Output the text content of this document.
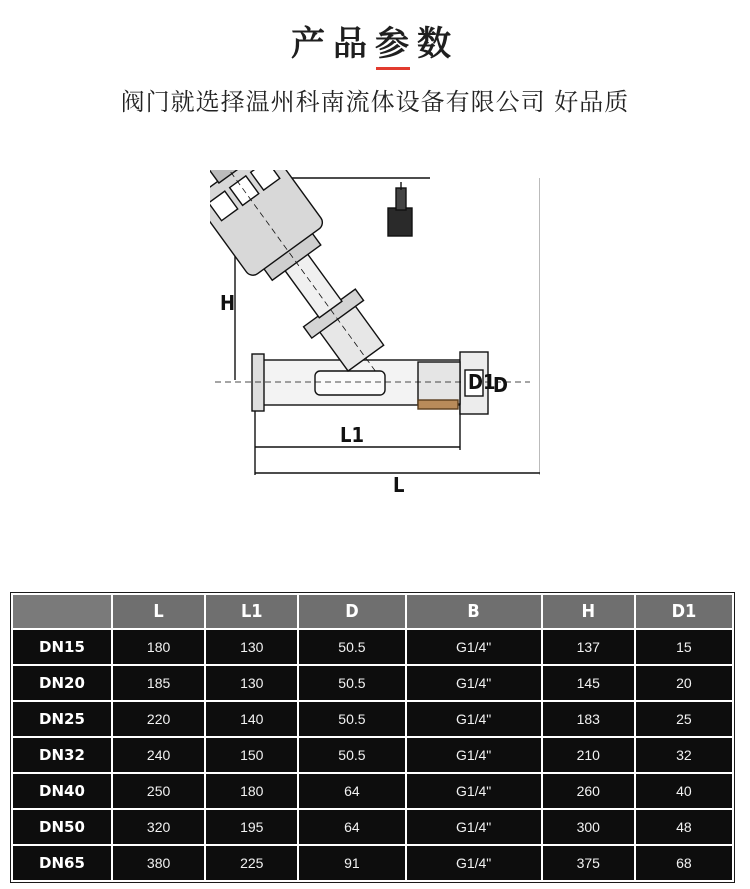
产品参数
阀门就选择温州科南流体设备有限公司 好品质
H
D1
D
L1
L
	L	L1	D	B	H	D1
DN15	180	130	50.5	G1/4"	137	15
DN20	185	130	50.5	G1/4"	145	20
DN25	220	140	50.5	G1/4"	183	25
DN32	240	150	50.5	G1/4"	210	32
DN40	250	180	64	G1/4"	260	40
DN50	320	195	64	G1/4"	300	48
DN65	380	225	91	G1/4"	375	68
